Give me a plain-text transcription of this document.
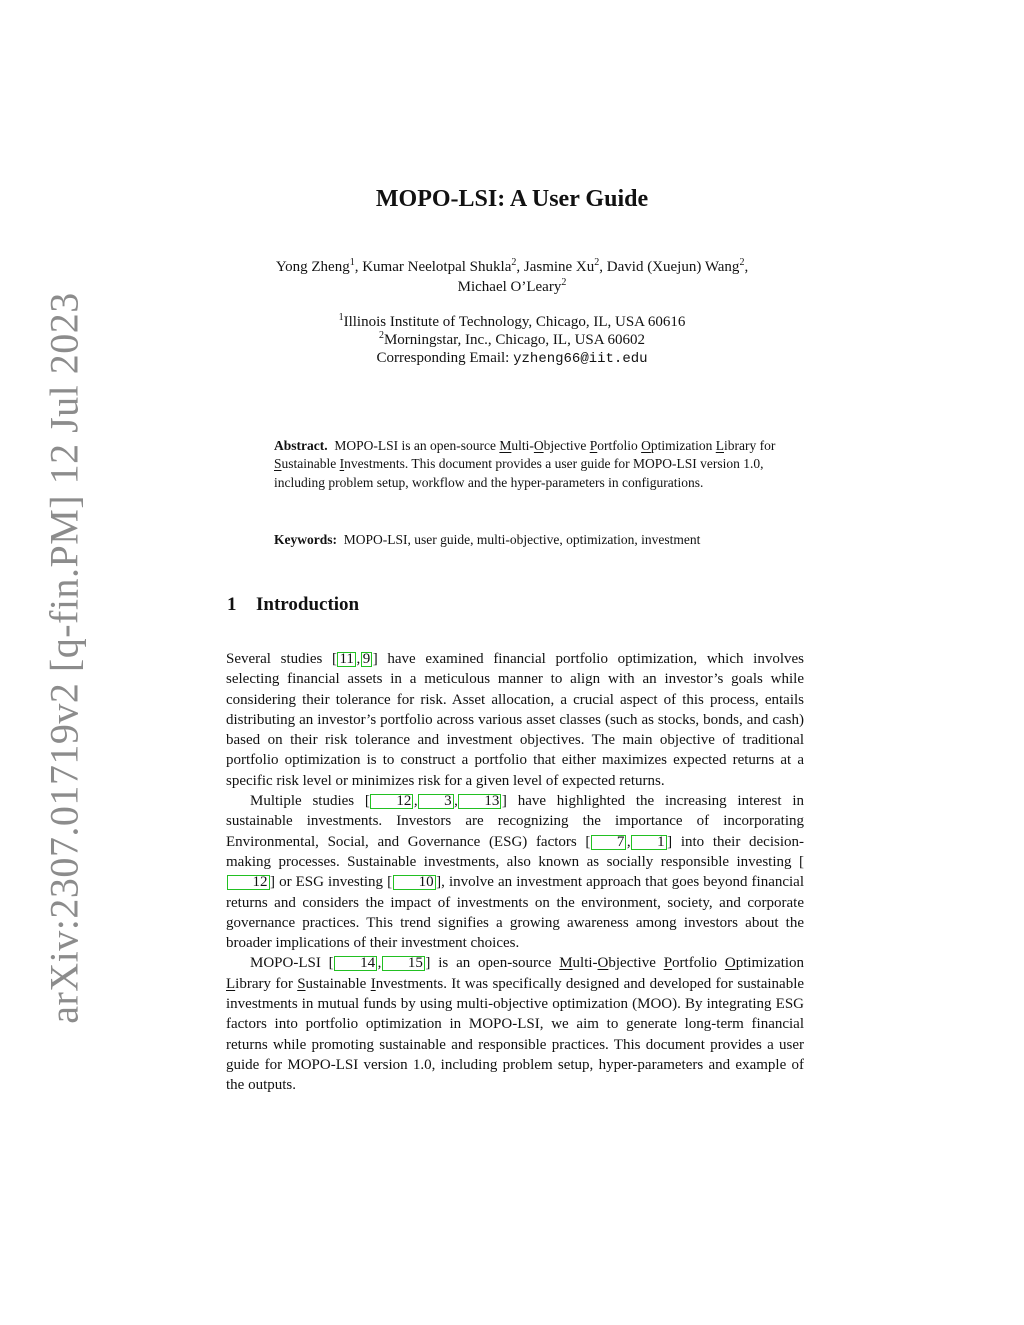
arXiv:2307.01719v2 [q-fin.PM] 12 Jul 2023
MOPO-LSI: A User Guide
Yong Zheng$^1$, Kumar Neelotpal Shukla$^2$, Jasmine Xu$^2$, David (Xuejun) Wang$^2$,
Michael O’Leary$^2$
$^1$Illinois Institute of Technology, Chicago, IL, USA 60616
$^2$Morningstar, Inc., Chicago, IL, USA 60602
Corresponding Email: yzheng66@iit.edu
Abstract. MOPO-LSI is an open-source Multi-Objective Portfolio Optimization Library for Sustainable Investments. This document provides a user guide for MOPO-LSI version 1.0, including problem setup, workflow and the hyper-parameters in configurations.
Keywords: MOPO-LSI, user guide, multi-objective, optimization, investment
1 Introduction

Several studies [ 11 , 9 ] have examined financial portfolio optimization, which involves selecting financial assets in a meticulous manner to align with an investor’s goals while considering their tolerance for risk. Asset allocation, a crucial aspect of this process, entails distributing an investor’s portfolio across various asset classes (such as stocks, bonds, and cash) based on their risk tolerance and investment objectives. The main objective of traditional portfolio optimization is to construct a portfolio that either maximizes expected returns at a specific risk level or minimizes risk for a given level of expected returns.

Multiple studies [ 12 , 3 , 13 ] have highlighted the increasing interest in sustainable investments. Investors are recognizing the importance of incorporating Environmental, Social, and Governance (ESG) factors [ 7 , 1 ] into their decision-making processes. Sustainable investments, also known as socially responsible investing [12 ] or ESG investing [ 10 ], involve an investment approach that goes beyond financial returns and considers the impact of investments on the environment, society, and corporate governance practices. This trend signifies a growing awareness among investors about the broader implications of their investment choices.

MOPO-LSI [ 14 , 15 ] is an open-source Multi-Objective Portfolio Optimization Library for Sustainable Investments. It was specifically designed and developed for sustainable investments in mutual funds by using multi-objective optimization (MOO). By integrating ESG factors into portfolio optimization in MOPO-LSI, we aim to generate long-term financial returns while promoting sustainable and responsible practices. This document provides a user guide for MOPO-LSI version 1.0, including problem setup, hyper-parameters and example of the outputs.
